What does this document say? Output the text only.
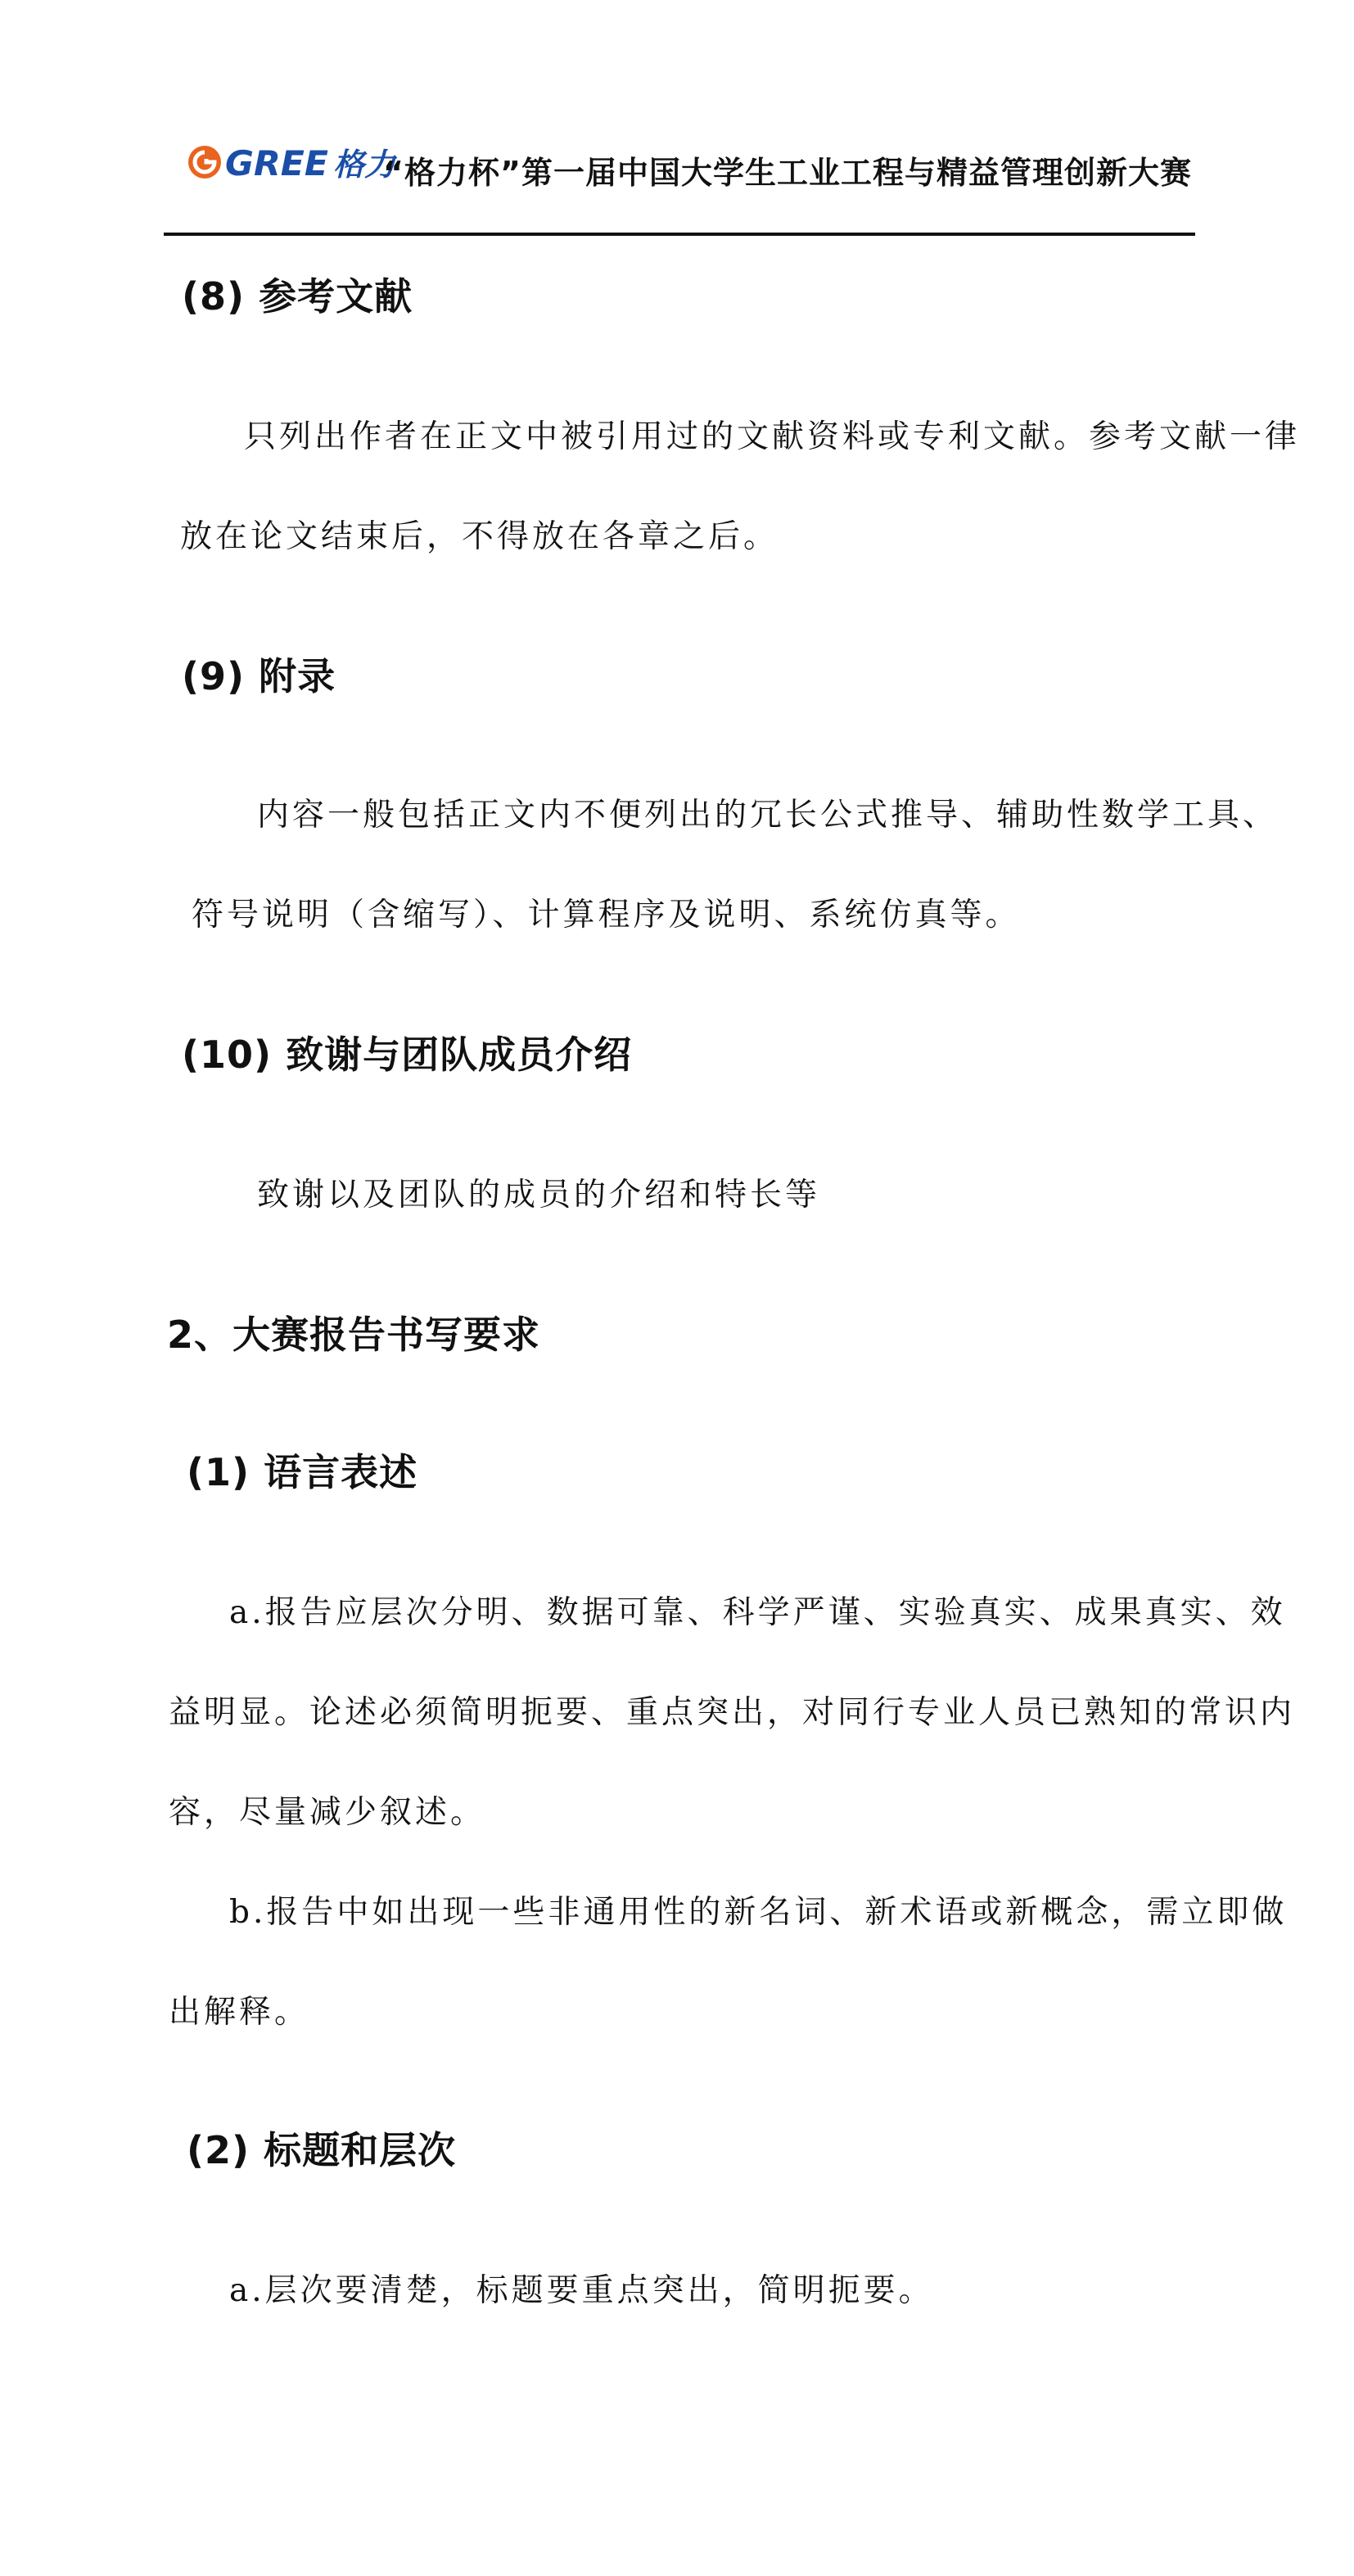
GREE 格力
“格力杯”第一届中国大学生工业工程与精益管理创新大赛
(8) 参考文献
只列出作者在正文中被引用过的文献资料或专利文献。参考文献一律
放在论文结束后，不得放在各章之后。
(9) 附录
内容一般包括正文内不便列出的冗长公式推导、辅助性数学工具、
符号说明（含缩写）、计算程序及说明、系统仿真等。
(10) 致谢与团队成员介绍
致谢以及团队的成员的介绍和特长等
2、大赛报告书写要求
(1) 语言表述
a.报告应层次分明、数据可靠、科学严谨、实验真实、成果真实、效
益明显。论述必须简明扼要、重点突出，对同行专业人员已熟知的常识内
容，尽量减少叙述。
b.报告中如出现一些非通用性的新名词、新术语或新概念，需立即做
出解释。
(2) 标题和层次
a.层次要清楚，标题要重点突出，简明扼要。
